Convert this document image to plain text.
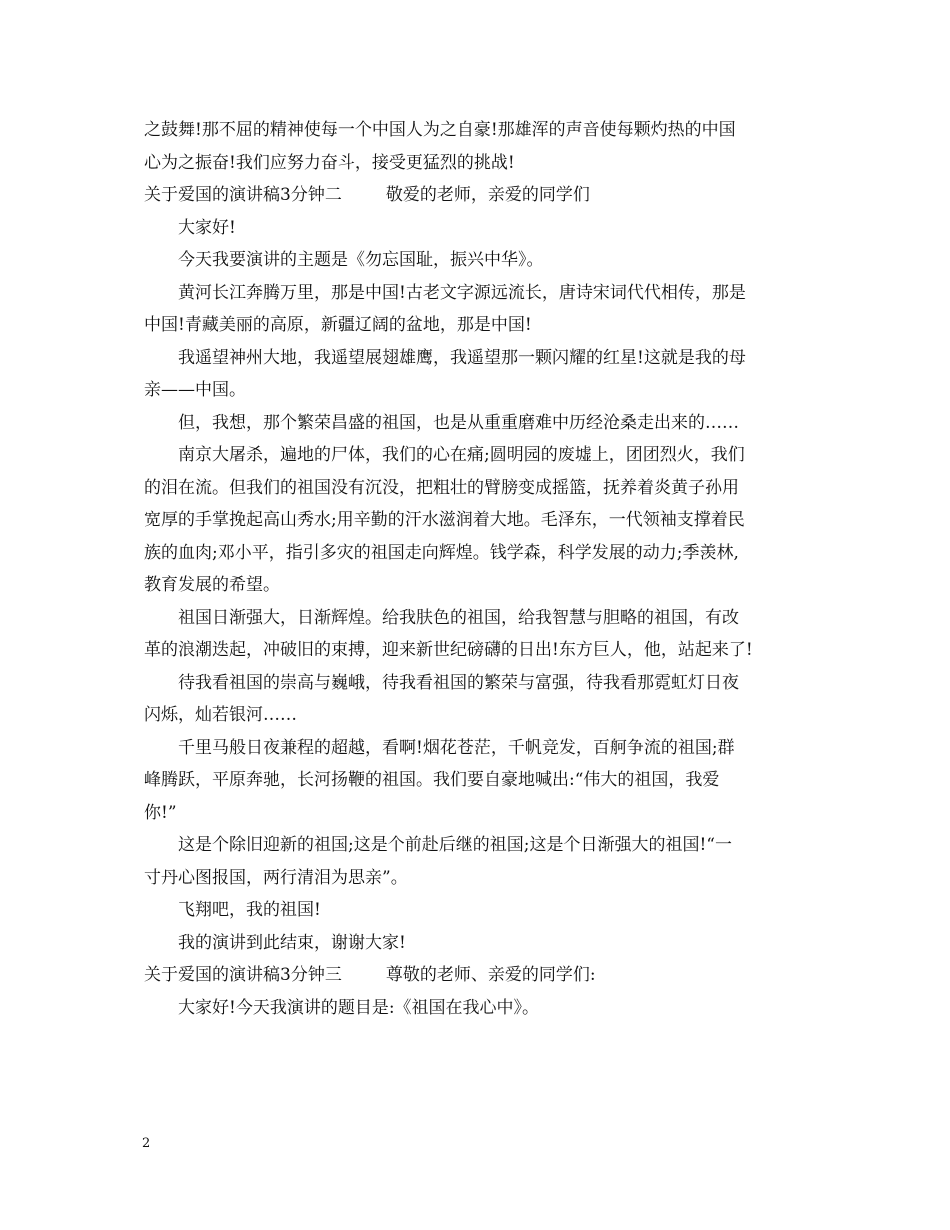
之鼓舞!那不屈的精神使每一个中国人为之自豪!那雄浑的声音使每颗灼热的中国
心为之振奋!我们应努力奋斗，接受更猛烈的挑战!
关于爱国的演讲稿3分钟二	敬爱的老师，亲爱的同学们
大家好!
今天我要演讲的主题是《勿忘国耻，振兴中华》。
黄河长江奔腾万里，那是中国!古老文字源远流长，唐诗宋词代代相传，那是
中国!青藏美丽的高原，新疆辽阔的盆地，那是中国!
我遥望神州大地，我遥望展翅雄鹰，我遥望那一颗闪耀的红星!这就是我的母
亲——中国。
但，我想，那个繁荣昌盛的祖国，也是从重重磨难中历经沧桑走出来的……
南京大屠杀，遍地的尸体，我们的心在痛;圆明园的废墟上，团团烈火，我们
的泪在流。但我们的祖国没有沉没，把粗壮的臂膀变成摇篮，抚养着炎黄子孙用
宽厚的手掌挽起高山秀水;用辛勤的汗水滋润着大地。毛泽东，一代领袖支撑着民
族的血肉;邓小平，指引多灾的祖国走向辉煌。钱学森，科学发展的动力;季羡林,
教育发展的希望。
祖国日渐强大，日渐辉煌。给我肤色的祖国，给我智慧与胆略的祖国，有改
革的浪潮迭起，冲破旧的束搏，迎来新世纪磅礴的日出!东方巨人，他，站起来了!
待我看祖国的崇高与巍峨，待我看祖国的繁荣与富强，待我看那霓虹灯日夜
闪烁，灿若银河……
千里马般日夜兼程的超越，看啊!烟花苍茫，千帆竞发，百舸争流的祖国;群
峰腾跃，平原奔驰，长河扬鞭的祖国。我们要自豪地喊出:“伟大的祖国，我爱
你!”
这是个除旧迎新的祖国;这是个前赴后继的祖国;这是个日渐强大的祖国!“一
寸丹心图报国，两行清泪为思亲”。
飞翔吧，我的祖国!
我的演讲到此结束，谢谢大家!
关于爱国的演讲稿3分钟三	尊敬的老师、亲爱的同学们:
大家好!今天我演讲的题目是:《祖国在我心中》。
2
